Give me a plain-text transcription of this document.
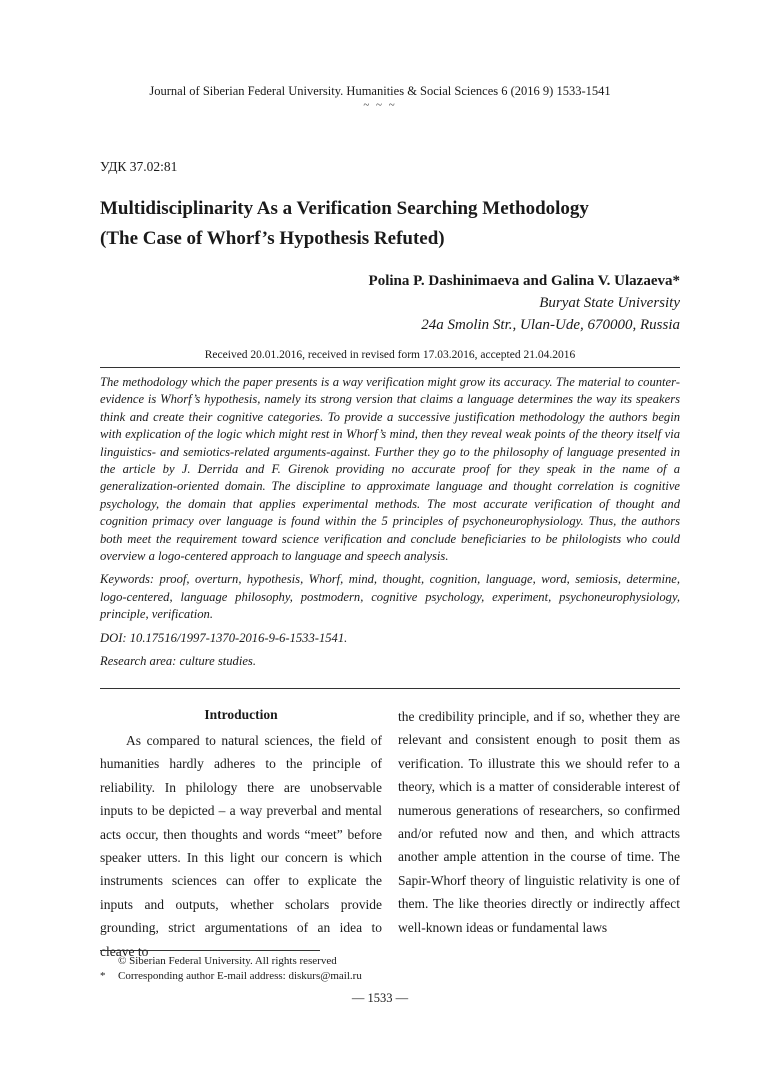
Journal of Siberian Federal University. Humanities & Social Sciences 6 (2016 9) 1533-1541
~ ~ ~
УДК 37.02:81
Multidisciplinarity As a Verification Searching Methodology
(The Case of Whorf’s Hypothesis Refuted)
Polina P. Dashinimaeva and Galina V. Ulazaeva*
Buryat State University
24a Smolin Str., Ulan-Ude, 670000, Russia
Received 20.01.2016, received in revised form 17.03.2016, accepted 21.04.2016

The methodology which the paper presents is a way verification might grow its accuracy. The material to counter-evidence is Whorf’s hypothesis, namely its strong version that claims a language determines the way its speakers think and create their cognitive categories. To provide a successive justification methodology the authors begin with explication of the logic which might rest in Whorf’s mind, then they reveal weak points of the theory itself via linguistics- and semiotics-related arguments-against. Further they go to the philosophy of language presented in the article by J. Derrida and F. Girenok providing no accurate proof for they speak in the name of a generalization-oriented domain. The discipline to approximate language and thought correlation is cognitive psychology, the domain that applies experimental methods. The most accurate verification of thought and cognition primacy over language is found within the 5 principles of psychoneurophysiology. Thus, the authors both meet the requirement toward science verification and conclude beneficiaries to be philologists who could overview a logo-centered approach to language and speech analysis.

Keywords: proof, overturn, hypothesis, Whorf, mind, thought, cognition, language, word, semiosis, determine, logo-centered, language philosophy, postmodern, cognitive psychology, experiment, psychoneurophysiology, principle, verification.

DOI: 10.17516/1997-1370-2016-9-6-1533-1541.

Research area: culture studies.

Introduction

As compared to natural sciences, the field of humanities hardly adheres to the principle of reliability. In philology there are unobservable inputs to be depicted – a way preverbal and mental acts occur, then thoughts and words “meet” before speaker utters. In this light our concern is which instruments sciences can offer to explicate the inputs and outputs, whether scholars provide grounding, strict argumentations of an idea to cleave to

the credibility principle, and if so, whether they are relevant and consistent enough to posit them as verification. To illustrate this we should refer to a theory, which is a matter of considerable interest of numerous generations of researchers, so confirmed and/or refuted now and then, and which attracts another ample attention in the course of time. The Sapir-Whorf theory of linguistic relativity is one of them. The like theories directly or indirectly affect well-known ideas or fundamental laws

© Siberian Federal University. All rights reserved
*	Corresponding author E-mail address: diskurs@mail.ru
— 1533 —
